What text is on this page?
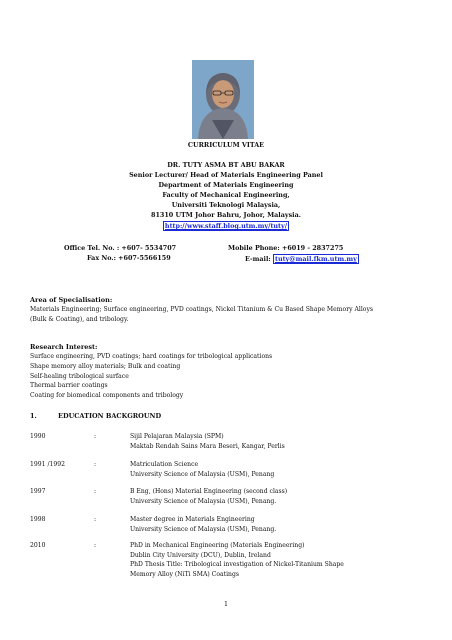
CURRICULUM VITAE
DR. TUTY ASMA BT ABU BAKAR
Senior Lecturer/ Head of Materials Engineering Panel
Department of Materials Engineering
Faculty of Mechanical Engineering,
Universiti Teknologi Malaysia,
81310 UTM Johor Bahru, Johor, Malaysia.
http://www.staff.blog.utm.my/tuty/
Office Tel. No. : +607- 5534707
Fax No.: +607-5566159
Mobile Phone: +6019 - 2837275
E-mail: tuty@mail.fkm.utm.my
Area of Specialisation:
Materials Engineering; Surface engineering, PVD coatings, Nickel Titanium & Cu Based Shape Memory Alloys
(Bulk & Coating), and tribology.
Research Interest:
Surface engineering, PVD coatings; hard coatings for tribological applications
Shape memory alloy materials; Bulk and coating
Self-healing tribological surface
Thermal barrier coatings
Coating for biomedical components and tribology
1.	EDUCATION BACKGROUND
1990	:	Sijil Pelajaran Malaysia (SPM)
Maktab Rendah Sains Mara Beseri, Kangar, Perlis
1991 /1992	:	Matriculation Science
University Science of Malaysia (USM), Penang
1997	:	B Eng, (Hons) Material Engineering (second class)
University Science of Malaysia (USM), Penang.
1998	:	Master degree in Materials Engineering
University Science of Malaysia (USM), Penang.
2010	:	PhD in Mechanical Engineering (Materials Engineering)
Dublin City University (DCU), Dublin, Ireland
PhD Thesis Title: Tribological investigation of Nickel-Titanium Shape
Memory Alloy (NiTi SMA) Coatings
1
